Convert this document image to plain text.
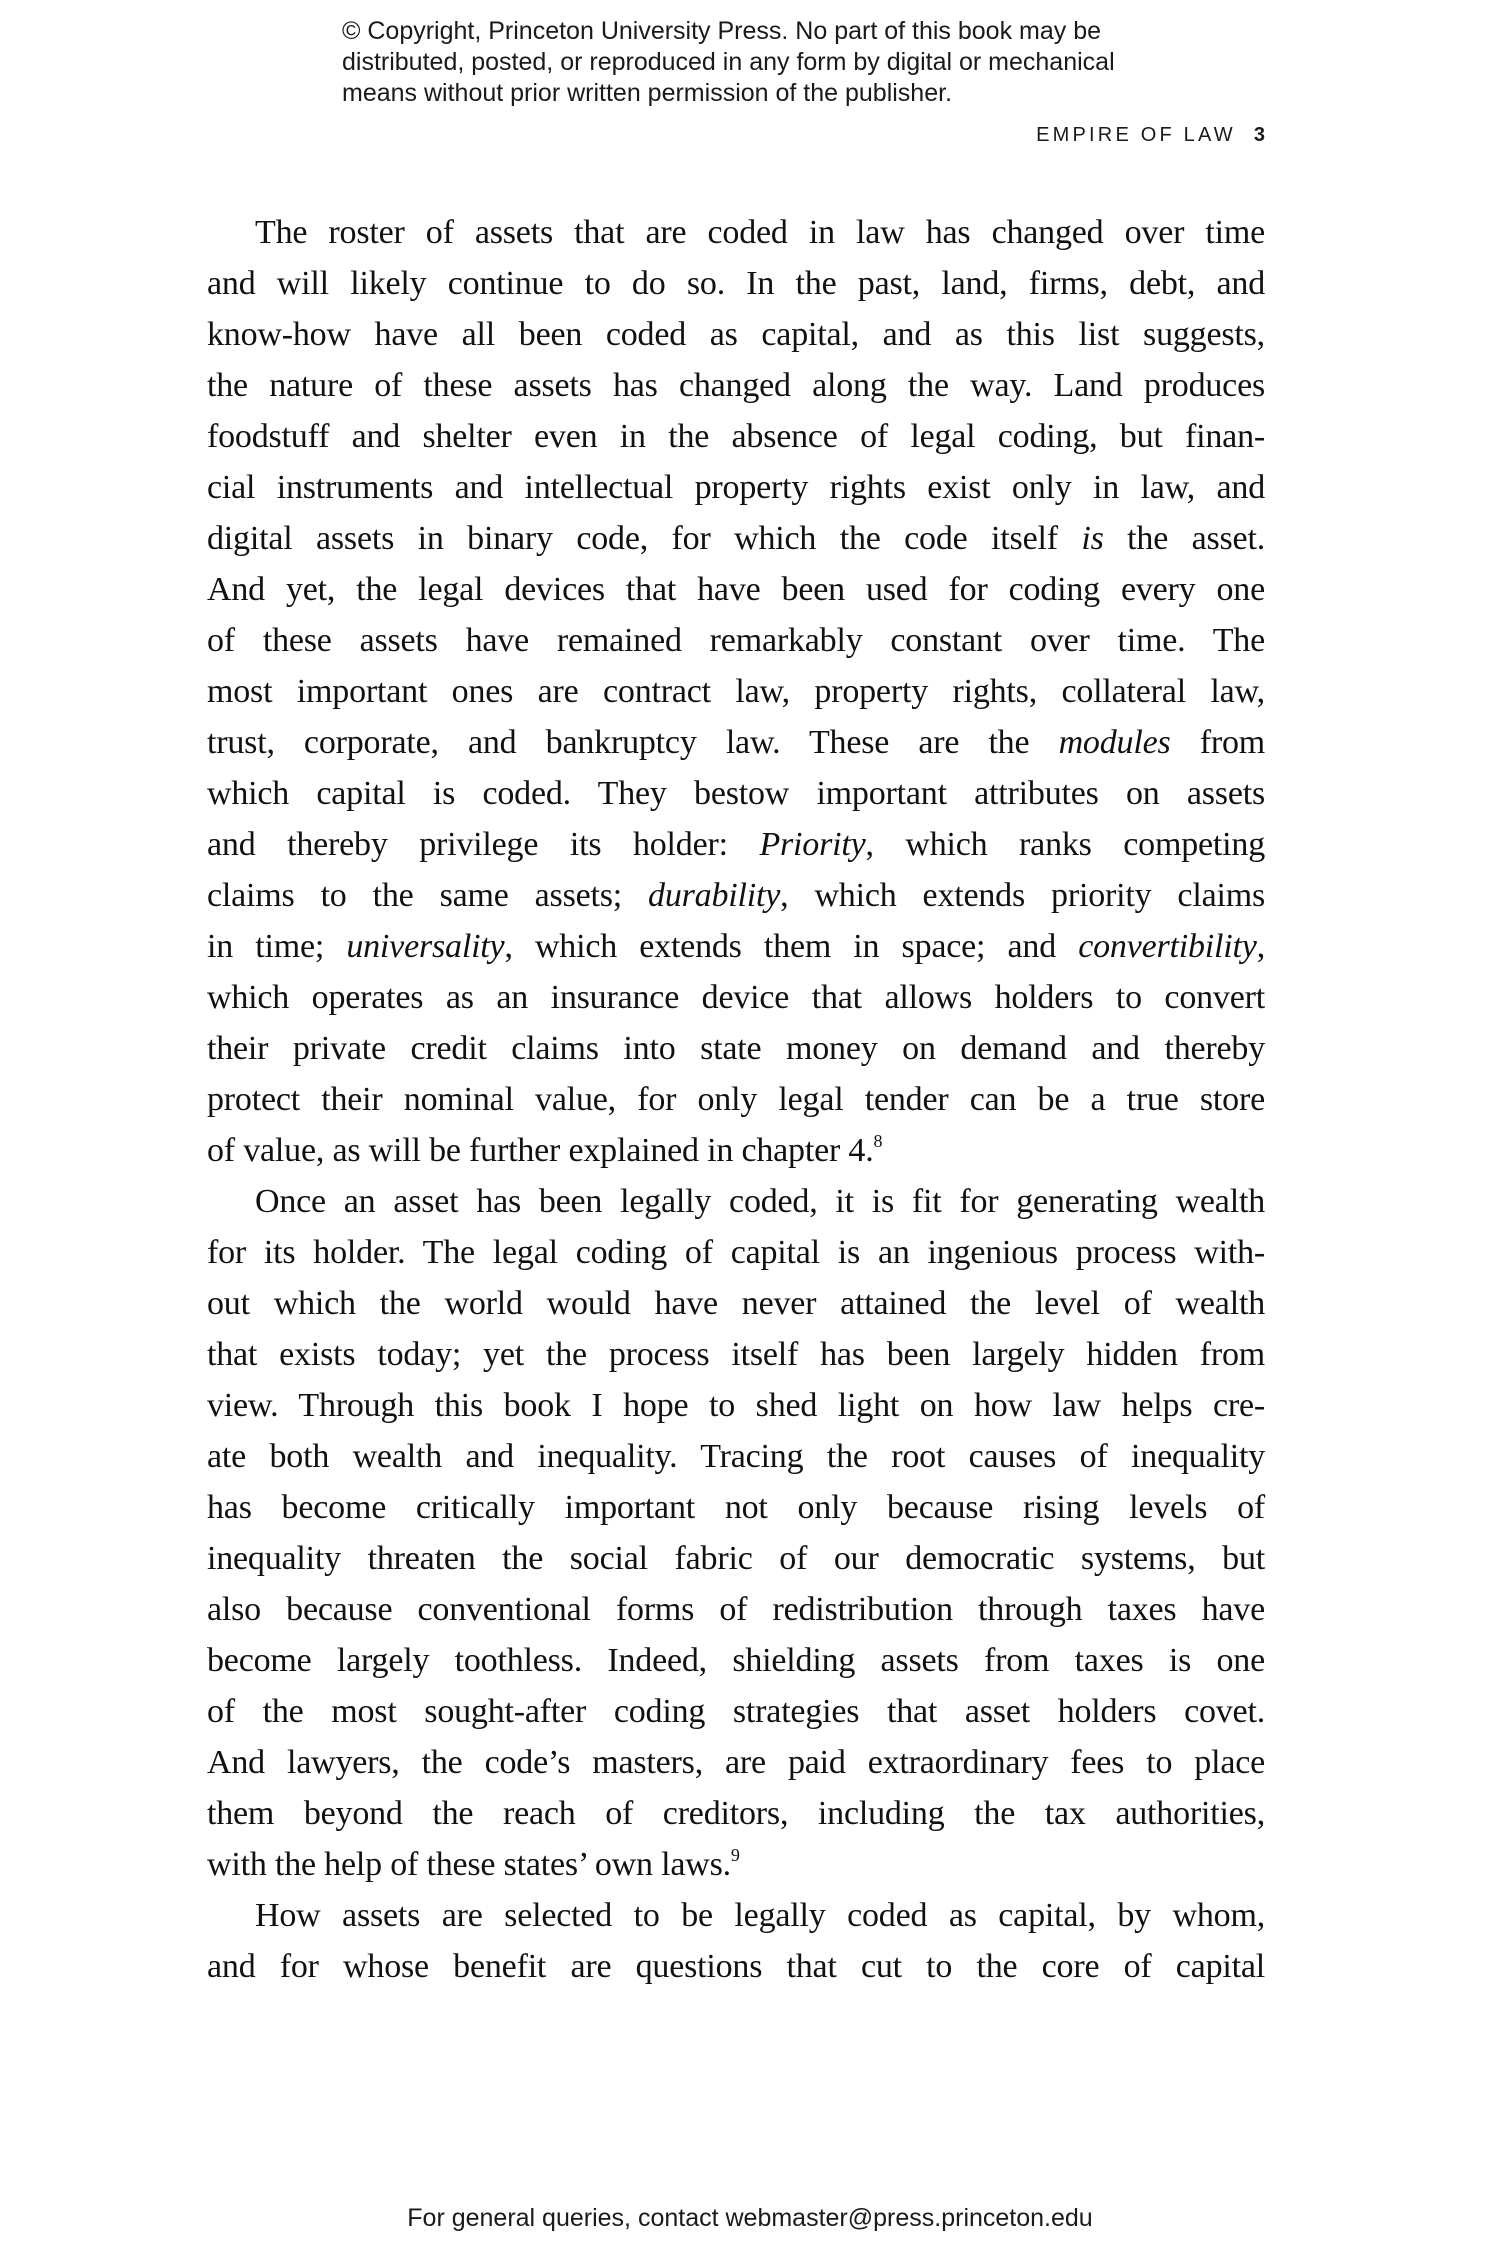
© Copyright, Princeton University Press. No part of this book may be
distributed, posted, or reproduced in any form by digital or mechanical
means without prior written permission of the publisher.
EMPIRE OF LAW 3
The roster of assets that are coded in law has changed over time
and will likely continue to do so. In the past, land, firms, debt, and
know-how have all been coded as capital, and as this list suggests,
the nature of these assets has changed along the way. Land produces
foodstuff and shelter even in the absence of legal coding, but finan-
cial instruments and intellectual property rights exist only in law, and
digital assets in binary code, for which the code itself is the asset.
And yet, the legal devices that have been used for coding every one
of these assets have remained remarkably constant over time. The
most important ones are contract law, property rights, collateral law,
trust, corporate, and bankruptcy law. These are the modules from
which capital is coded. They bestow important attributes on assets
and thereby privilege its holder: Priority, which ranks competing
claims to the same assets; durability, which extends priority claims
in time; universality, which extends them in space; and convertibility,
which operates as an insurance device that allows holders to convert
their private credit claims into state money on demand and thereby
protect their nominal value, for only legal tender can be a true store
of value, as will be further explained in chapter 4.$^8$
Once an asset has been legally coded, it is fit for generating wealth
for its holder. The legal coding of capital is an ingenious process with-
out which the world would have never attained the level of wealth
that exists today; yet the process itself has been largely hidden from
view. Through this book I hope to shed light on how law helps cre-
ate both wealth and inequality. Tracing the root causes of inequality
has become critically important not only because rising levels of
inequality threaten the social fabric of our democratic systems, but
also because conventional forms of redistribution through taxes have
become largely toothless. Indeed, shielding assets from taxes is one
of the most sought-after coding strategies that asset holders covet.
And lawyers, the code’s masters, are paid extraordinary fees to place
them beyond the reach of creditors, including the tax authorities,
with the help of these states’ own laws.$^9$
How assets are selected to be legally coded as capital, by whom,
and for whose benefit are questions that cut to the core of capital
For general queries, contact webmaster@press.princeton.edu
